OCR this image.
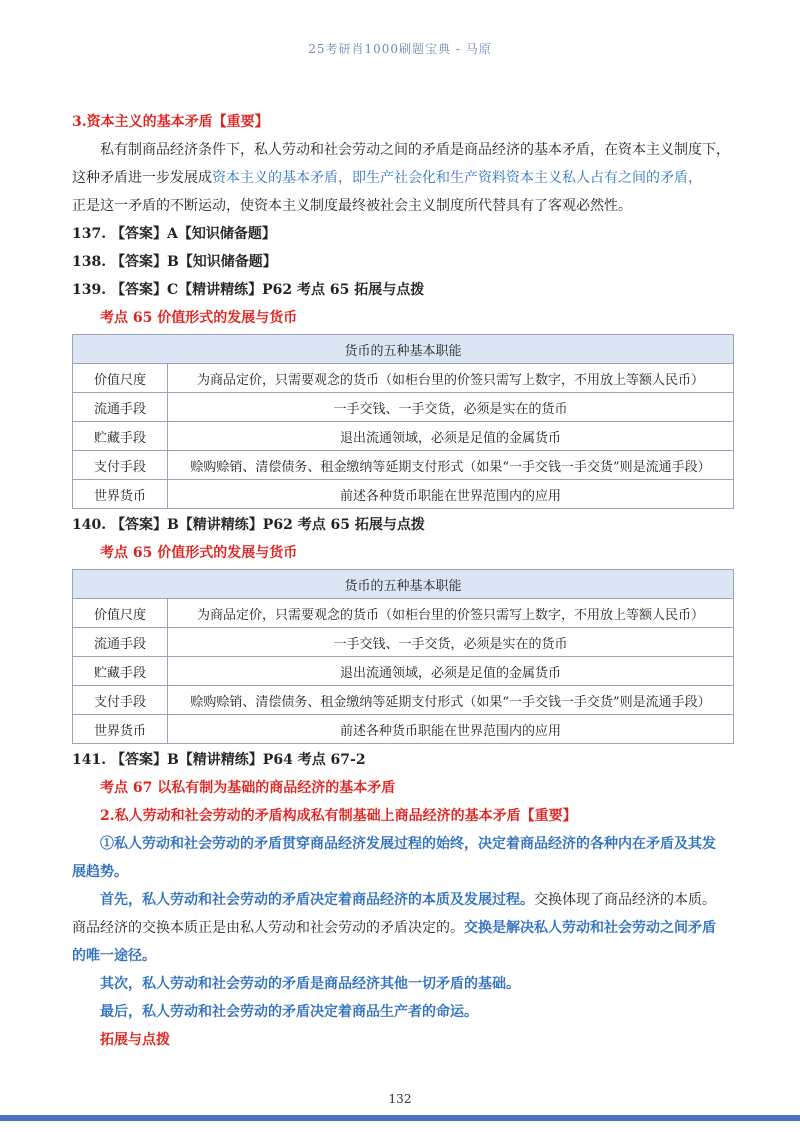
25考研肖1000刷题宝典 - 马原
3.资本主义的基本矛盾【重要】
私有制商品经济条件下，私人劳动和社会劳动之间的矛盾是商品经济的基本矛盾，在资本主义制度下，
这种矛盾进一步发展成资本主义的基本矛盾，即生产社会化和生产资料资本主义私人占有之间的矛盾，
正是这一矛盾的不断运动，使资本主义制度最终被社会主义制度所代替具有了客观必然性。
137. 【答案】A【知识储备题】
138. 【答案】B【知识储备题】
139. 【答案】C【精讲精练】P62 考点 65 拓展与点拨
考点 65 价值形式的发展与货币
货币的五种基本职能	
价值尺度	为商品定价，只需要观念的货币（如柜台里的价签只需写上数字，不用放上等额人民币）
流通手段	一手交钱、一手交货，必须是实在的货币
贮藏手段	退出流通领域，必须是足值的金属货币
支付手段	赊购赊销、清偿债务、租金缴纳等延期支付形式（如果“一手交钱一手交货”则是流通手段）
世界货币	前述各种货币职能在世界范围内的应用
140. 【答案】B【精讲精练】P62 考点 65 拓展与点拨
考点 65 价值形式的发展与货币
货币的五种基本职能	
价值尺度	为商品定价，只需要观念的货币（如柜台里的价签只需写上数字，不用放上等额人民币）
流通手段	一手交钱、一手交货，必须是实在的货币
贮藏手段	退出流通领域，必须是足值的金属货币
支付手段	赊购赊销、清偿债务、租金缴纳等延期支付形式（如果“一手交钱一手交货”则是流通手段）
世界货币	前述各种货币职能在世界范围内的应用
141. 【答案】B【精讲精练】P64 考点 67-2
考点 67 以私有制为基础的商品经济的基本矛盾
2.私人劳动和社会劳动的矛盾构成私有制基础上商品经济的基本矛盾【重要】
①私人劳动和社会劳动的矛盾贯穿商品经济发展过程的始终，决定着商品经济的各种内在矛盾及其发
展趋势。
首先，私人劳动和社会劳动的矛盾决定着商品经济的本质及发展过程。交换体现了商品经济的本质。
商品经济的交换本质正是由私人劳动和社会劳动的矛盾决定的。交换是解决私人劳动和社会劳动之间矛盾
的唯一途径。
其次，私人劳动和社会劳动的矛盾是商品经济其他一切矛盾的基础。
最后，私人劳动和社会劳动的矛盾决定着商品生产者的命运。
拓展与点拨
132
